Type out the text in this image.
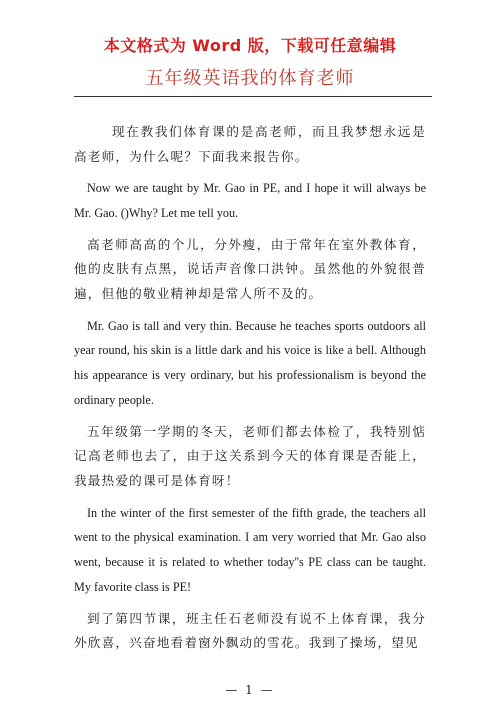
本文格式为 Word 版，下载可任意编辑
五年级英语我的体育老师

现在教我们体育课的是高老师，而且我梦想永远是高老师，为什么呢？下面我来报告你。

Now we are taught by Mr. Gao in PE, and I hope it will always be Mr. Gao. ()Why? Let me tell you.

高老师高高的个儿，分外瘦，由于常年在室外教体育，他的皮肤有点黑，说话声音像口洪钟。虽然他的外貌很普遍，但他的敬业精神却是常人所不及的。

Mr. Gao is tall and very thin. Because he teaches sports outdoors all year round, his skin is a little dark and his voice is like a bell. Although his appearance is very ordinary, but his professionalism is beyond the ordinary people.

五年级第一学期的冬天，老师们都去体检了，我特别惦记高老师也去了，由于这关系到今天的体育课是否能上，我最热爱的课可是体育呀！

In the winter of the first semester of the fifth grade, the teachers all went to the physical examination. I am very worried that Mr. Gao also went, because it is related to whether today''s PE class can be taught. My favorite class is PE!

到了第四节课，班主任石老师没有说不上体育课，我分外欣喜，兴奋地看着窗外飘动的雪花。我到了操场，望见

— 1 —
